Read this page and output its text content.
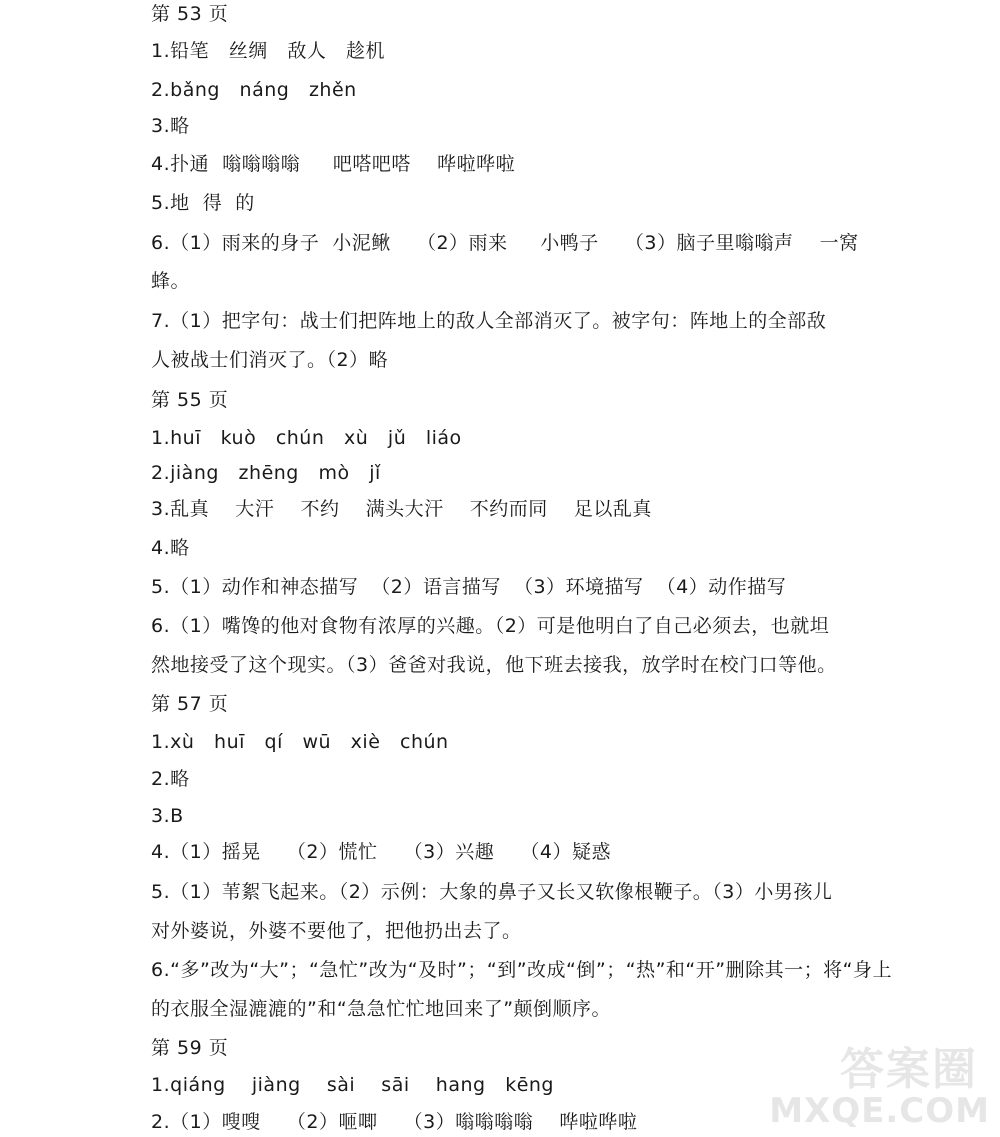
第 53 页
1.铅笔   丝绸   敌人   趁机
2.bǎng   náng   zhěn
3.略
4.扑通  嗡嗡嗡嗡     吧嗒吧嗒    哗啦哗啦
5.地  得  的
6.（1）雨来的身子  小泥鳅    （2）雨来     小鸭子    （3）脑子里嗡嗡声    一窝
蜂。
7.（1）把字句：战士们把阵地上的敌人全部消灭了。被字句：阵地上的全部敌
人被战士们消灭了。（2）略
第 55 页
1.huī   kuò   chún   xù   jǔ   liáo
2.jiàng   zhēng   mò   jǐ
3.乱真    大汗    不约    满头大汗    不约而同    足以乱真
4.略
5.（1）动作和神态描写  （2）语言描写  （3）环境描写  （4）动作描写
6.（1）嘴馋的他对食物有浓厚的兴趣。（2）可是他明白了自己必须去，也就坦
然地接受了这个现实。（3）爸爸对我说，他下班去接我，放学时在校门口等他。
第 57 页
1.xù   huī   qí   wū   xiè   chún
2.略
3.B
4.（1）摇晃    （2）慌忙    （3）兴趣    （4）疑惑
5.（1）苇絮飞起来。（2）示例：大象的鼻子又长又软像根鞭子。（3）小男孩儿
对外婆说，外婆不要他了，把他扔出去了。
6.“多”改为“大”；“急忙”改为“及时”；“到”改成“倒”；“热”和“开”删除其一；将“身上
的衣服全湿漉漉的”和“急急忙忙地回来了”颠倒顺序。
第 59 页
1.qiáng    jiàng    sài    sāi    hang   kēng
2.（1）嗖嗖    （2）咂唧    （3）嗡嗡嗡嗡    哗啦哗啦
答案圈
MXQE.COM
